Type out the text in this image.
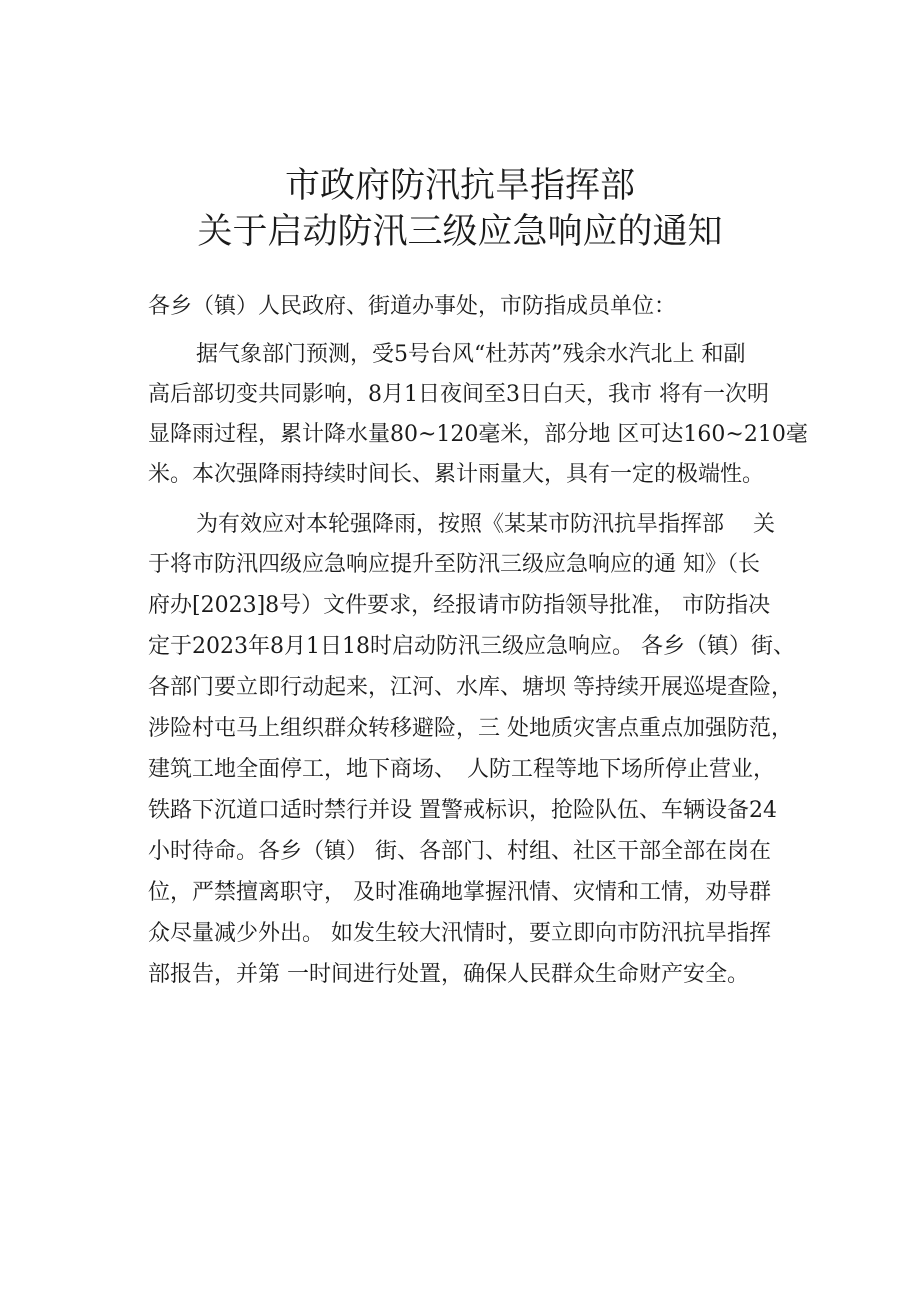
市政府防汛抗旱指挥部
关于启动防汛三级应急响应的通知
各乡（镇）人民政府、街道办事处，市防指成员单位：
据气象部门预测，受5号台风“杜苏芮”残余水汽北上 和副
高后部切变共同影响，8月1日夜间至3日白天，我市 将有一次明
显降雨过程，累计降水量80~120毫米，部分地 区可达160~210毫
米。本次强降雨持续时间长、累计雨量大，具有一定的极端性。
为有效应对本轮强降雨，按照《某某市防汛抗旱指挥部　 关
于将市防汛四级应急响应提升至防汛三级应急响应的通 知》（长
府办[2023]8号）文件要求，经报请市防指领导批准， 市防指决
定于2023年8月1日18时启动防汛三级应急响应。 各乡（镇）街、
各部门要立即行动起来，江河、水库、塘坝 等持续开展巡堤查险，
涉险村屯马上组织群众转移避险，三 处地质灾害点重点加强防范，
建筑工地全面停工，地下商场、　人防工程等地下场所停止营业，
铁路下沉道口适时禁行并设 置警戒标识，抢险队伍、车辆设备24
小时待命。各乡（镇） 街、各部门、村组、社区干部全部在岗在
位，严禁擅离职守， 及时准确地掌握汛情、灾情和工情，劝导群
众尽量减少外出。 如发生较大汛情时，要立即向市防汛抗旱指挥
部报告，并第 一时间进行处置，确保人民群众生命财产安全。
